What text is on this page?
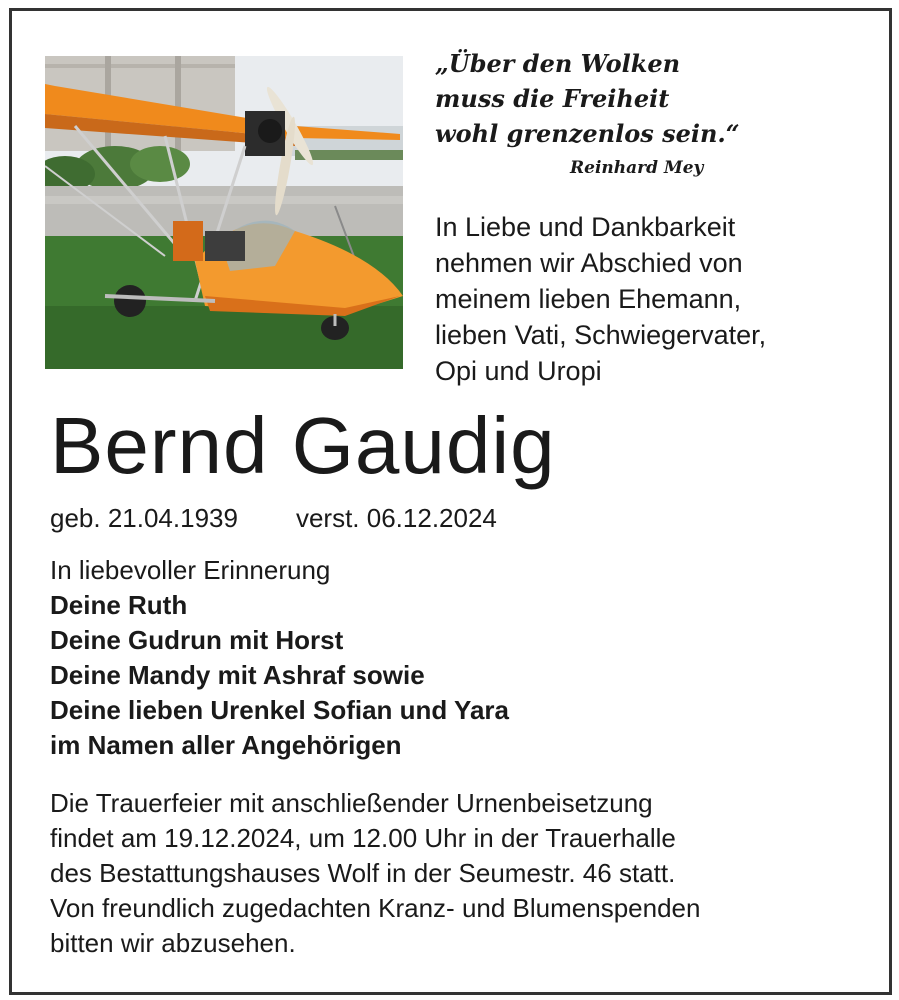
„Über den Wolken
muss die Freiheit
wohl grenzenlos sein.“
Reinhard Mey
In Liebe und Dankbarkeit
nehmen wir Abschied von
meinem lieben Ehemann,
lieben Vati, Schwiegervater,
Opi und Uropi
Bernd Gaudig
geb. 21.04.1939 verst. 06.12.2024
In liebevoller Erinnerung
Deine Ruth
Deine Gudrun mit Horst
Deine Mandy mit Ashraf sowie
Deine lieben Urenkel Sofian und Yara
im Namen aller Angehörigen
Die Trauerfeier mit anschließender Urnenbeisetzung
findet am 19.12.2024, um 12.00 Uhr in der Trauerhalle
des Bestattungshauses Wolf in der Seumestr. 46 statt.
Von freundlich zugedachten Kranz- und Blumenspenden
bitten wir abzusehen.
